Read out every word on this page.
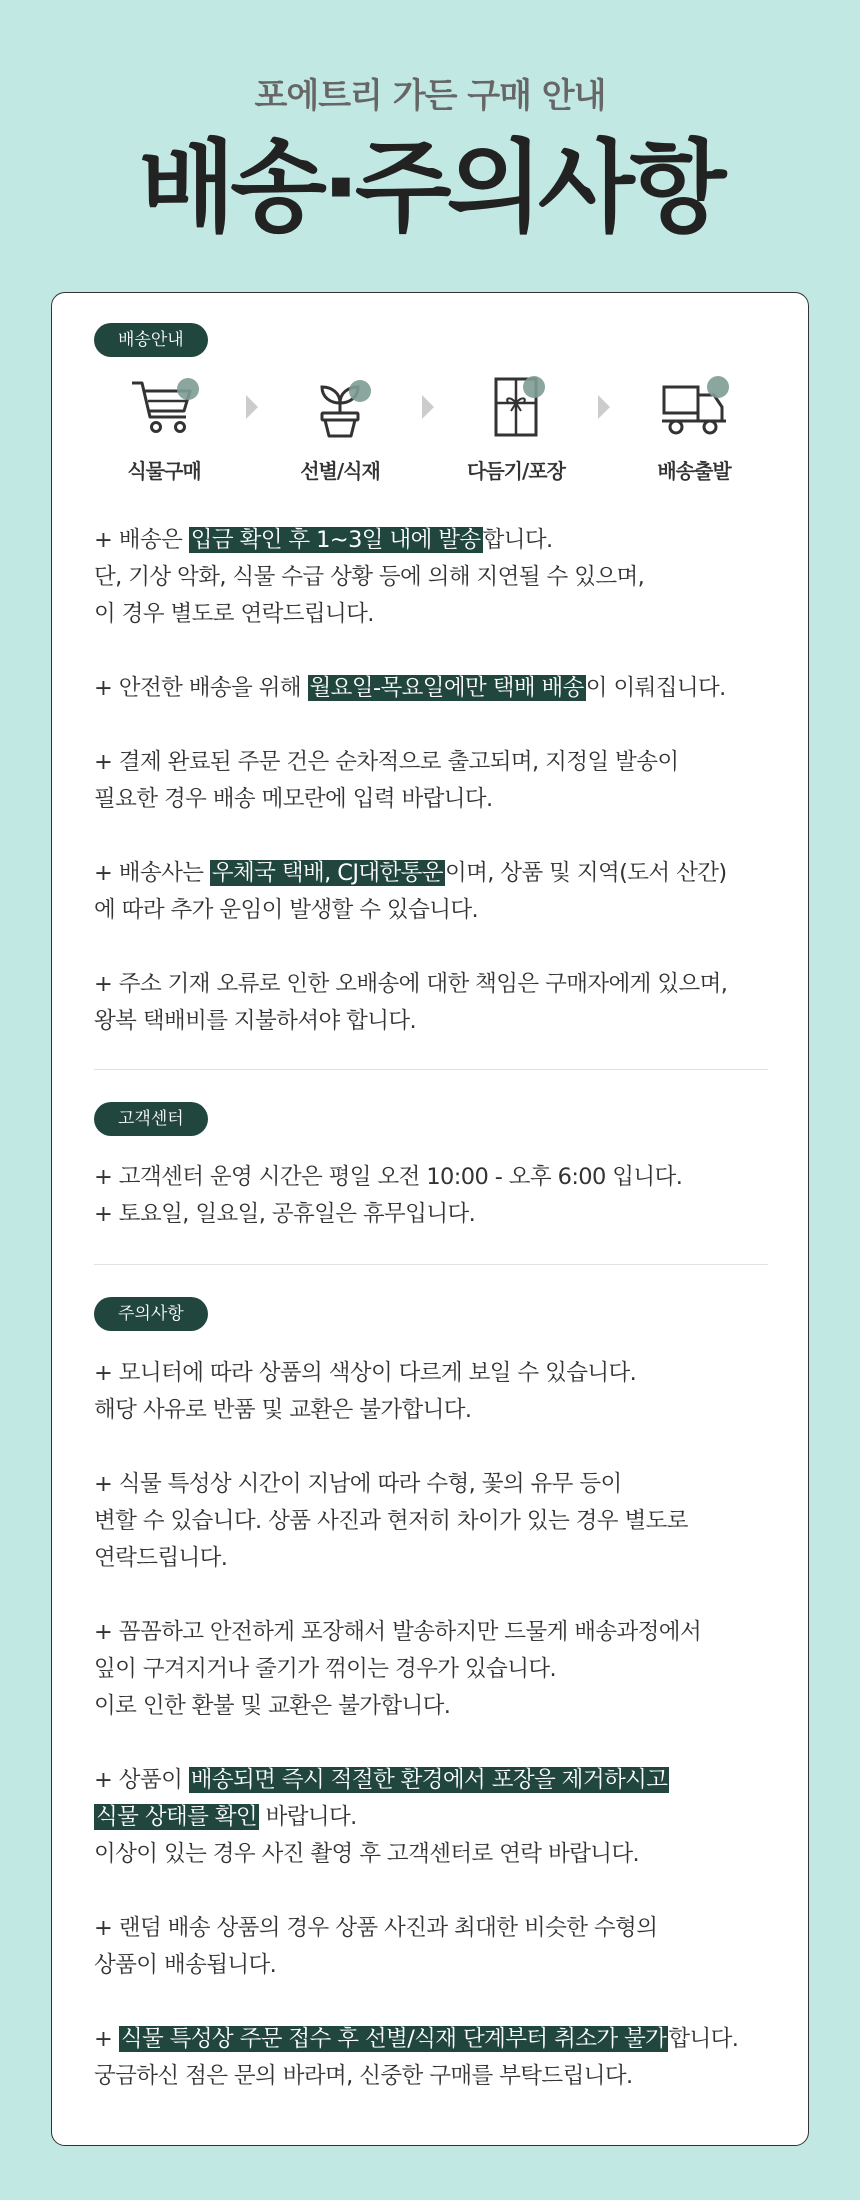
포에트리 가든 구매 안내
배송·주의사항
배송안내
식물구매	선별/식재	다듬기/포장	배송출발
+ 배송은 입금 확인 후 1~3일 내에 발송합니다.
단, 기상 악화, 식물 수급 상황 등에 의해 지연될 수 있으며,
이 경우 별도로 연락드립니다.
+ 안전한 배송을 위해 월요일-목요일에만 택배 배송이 이뤄집니다.
+ 결제 완료된 주문 건은 순차적으로 출고되며, 지정일 발송이
필요한 경우 배송 메모란에 입력 바랍니다.
+ 배송사는 우체국 택배, CJ대한통운이며, 상품 및 지역(도서 산간)
에 따라 추가 운임이 발생할 수 있습니다.
+ 주소 기재 오류로 인한 오배송에 대한 책임은 구매자에게 있으며,
왕복 택배비를 지불하셔야 합니다.
고객센터
+ 고객센터 운영 시간은 평일 오전 10:00 - 오후 6:00 입니다.
+ 토요일, 일요일, 공휴일은 휴무입니다.
주의사항
+ 모니터에 따라 상품의 색상이 다르게 보일 수 있습니다.
해당 사유로 반품 및 교환은 불가합니다.
+ 식물 특성상 시간이 지남에 따라 수형, 꽃의 유무 등이
변할 수 있습니다. 상품 사진과 현저히 차이가 있는 경우 별도로
연락드립니다.
+ 꼼꼼하고 안전하게 포장해서 발송하지만 드물게 배송과정에서
잎이 구겨지거나 줄기가 꺾이는 경우가 있습니다.
이로 인한 환불 및 교환은 불가합니다.
+ 상품이 배송되면 즉시 적절한 환경에서 포장을 제거하시고
식물 상태를 확인 바랍니다.
이상이 있는 경우 사진 촬영 후 고객센터로 연락 바랍니다.
+ 랜덤 배송 상품의 경우 상품 사진과 최대한 비슷한 수형의
상품이 배송됩니다.
+ 식물 특성상 주문 접수 후 선별/식재 단계부터 취소가 불가합니다.
궁금하신 점은 문의 바라며, 신중한 구매를 부탁드립니다.
